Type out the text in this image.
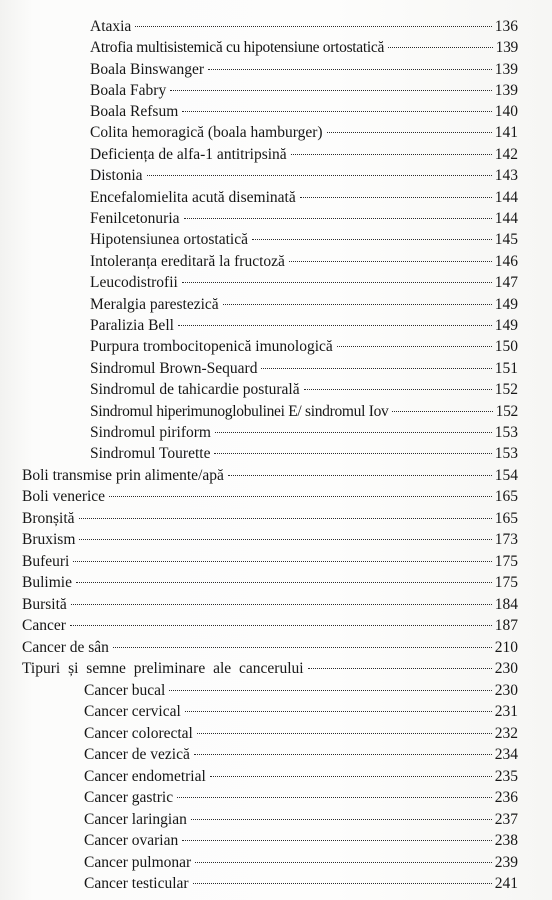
Ataxia	136
Atrofia multisistemică cu hipotensiune ortostatică	139
Boala Binswanger	139
Boala Fabry	139
Boala Refsum	140
Colita hemoragică (boala hamburger)	141
Deficiența de alfa-1 antitripsină	142
Distonia	143
Encefalomielita acută diseminată	144
Fenilcetonuria	144
Hipotensiunea ortostatică	145
Intoleranța ereditară la fructoză	146
Leucodistrofii	147
Meralgia parestezică	149
Paralizia Bell	149
Purpura trombocitopenică imunologică	150
Sindromul Brown-Sequard	151
Sindromul de tahicardie posturală	152
Sindromul hiperimunoglobulinei E/ sindromul Iov	152
Sindromul piriform	153
Sindromul Tourette	153
Boli transmise prin alimente/apă	154
Boli venerice	165
Bronșită	165
Bruxism	173
Bufeuri	175
Bulimie	175
Bursită	184
Cancer	187
Cancer de sân	210
Tipuri și semne preliminare ale cancerului	230
Cancer bucal	230
Cancer cervical	231
Cancer colorectal	232
Cancer de vezică	234
Cancer endometrial	235
Cancer gastric	236
Cancer laringian	237
Cancer ovarian	238
Cancer pulmonar	239
Cancer testicular	241
